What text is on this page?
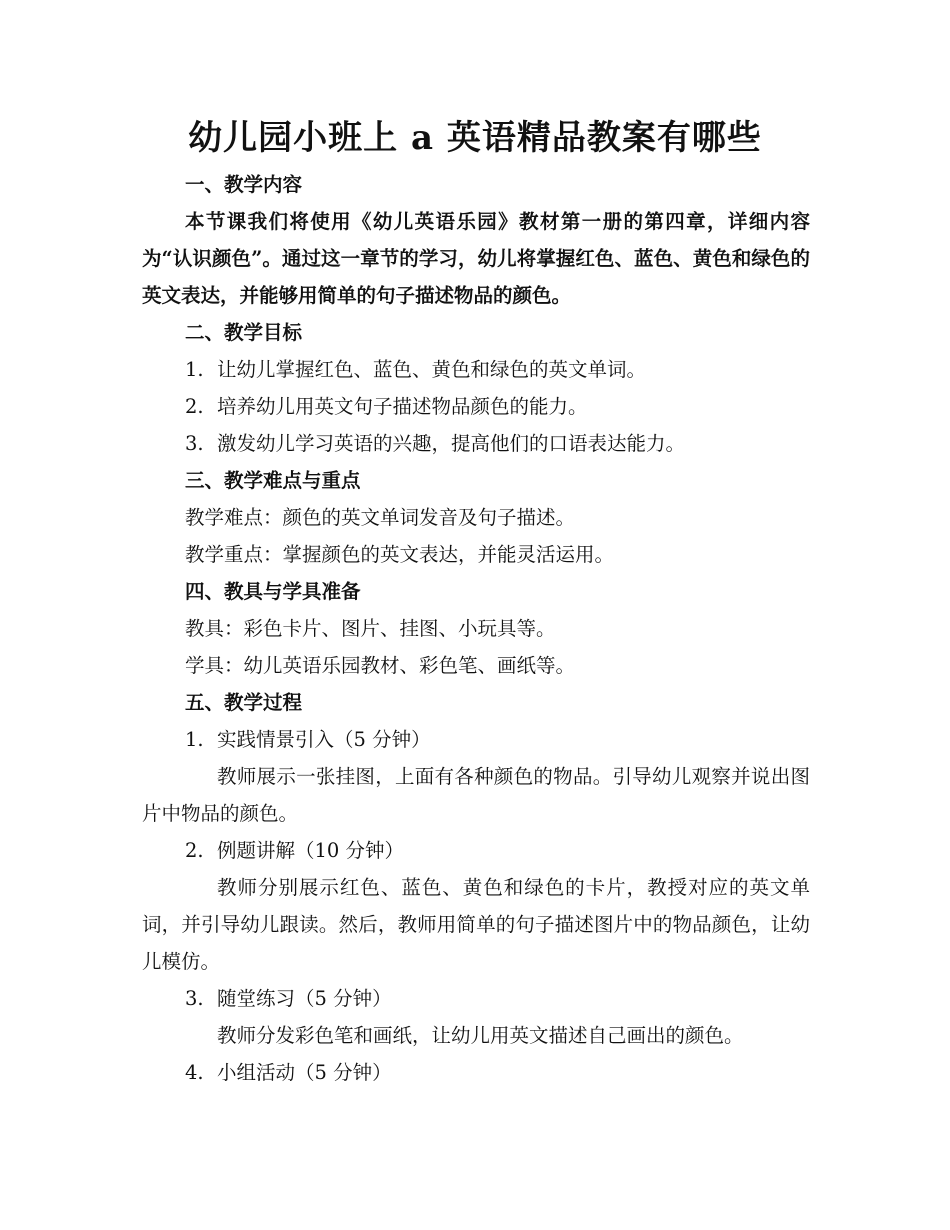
幼儿园小班上 a 英语精品教案有哪些

一、教学内容

本节课我们将使用《幼儿英语乐园》教材第一册的第四章，详细内容为“认识颜色”。通过这一章节的学习，幼儿将掌握红色、蓝色、黄色和绿色的英文表达，并能够用简单的句子描述物品的颜色。

二、教学目标

1. 让幼儿掌握红色、蓝色、黄色和绿色的英文单词。

2. 培养幼儿用英文句子描述物品颜色的能力。

3. 激发幼儿学习英语的兴趣，提高他们的口语表达能力。

三、教学难点与重点

教学难点：颜色的英文单词发音及句子描述。

教学重点：掌握颜色的英文表达，并能灵活运用。

四、教具与学具准备

教具：彩色卡片、图片、挂图、小玩具等。

学具：幼儿英语乐园教材、彩色笔、画纸等。

五、教学过程

1. 实践情景引入（5 分钟）

教师展示一张挂图，上面有各种颜色的物品。引导幼儿观察并说出图片中物品的颜色。

2. 例题讲解（10 分钟）

教师分别展示红色、蓝色、黄色和绿色的卡片，教授对应的英文单词，并引导幼儿跟读。然后，教师用简单的句子描述图片中的物品颜色，让幼儿模仿。

3. 随堂练习（5 分钟）

教师分发彩色笔和画纸，让幼儿用英文描述自己画出的颜色。

4. 小组活动（5 分钟）
